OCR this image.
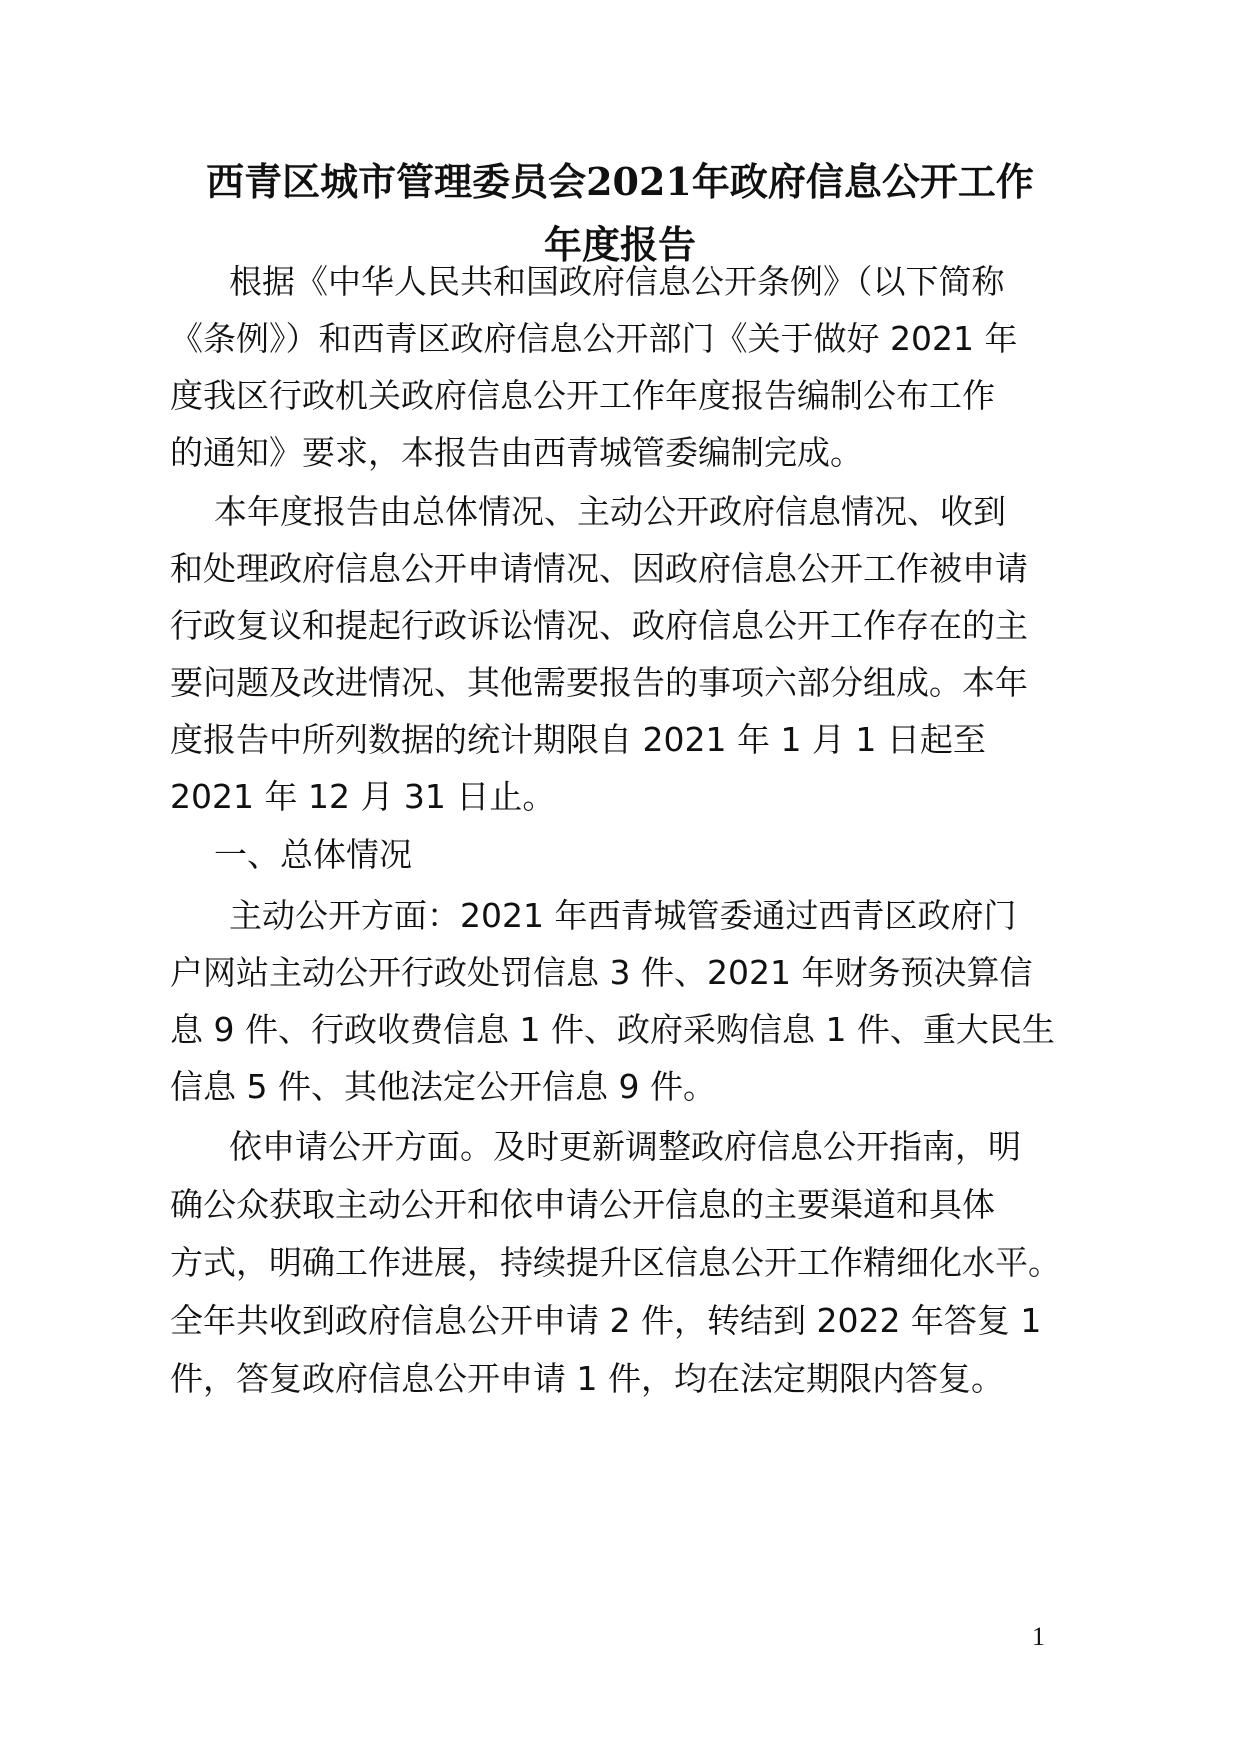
西青区城市管理委员会2021年政府信息公开工作
年度报告

根据《中华人民共和国政府信息公开条例》（以下简称

《条例》）和西青区政府信息公开部门《关于做好 2021 年

度我区行政机关政府信息公开工作年度报告编制公布工作

的通知》要求，本报告由西青城管委编制完成。

本年度报告由总体情况、主动公开政府信息情况、收到

和处理政府信息公开申请情况、因政府信息公开工作被申请

行政复议和提起行政诉讼情况、政府信息公开工作存在的主

要问题及改进情况、其他需要报告的事项六部分组成。本年

度报告中所列数据的统计期限自 2021 年 1 月 1 日起至

2021 年 12 月 31 日止。

一、总体情况

主动公开方面：2021 年西青城管委通过西青区政府门

户网站主动公开行政处罚信息 3 件、2021 年财务预决算信

息 9 件、行政收费信息 1 件、政府采购信息 1 件、重大民生

信息 5 件、其他法定公开信息 9 件。

依申请公开方面。及时更新调整政府信息公开指南，明

确公众获取主动公开和依申请公开信息的主要渠道和具体

方式，明确工作进展，持续提升区信息公开工作精细化水平。

全年共收到政府信息公开申请 2 件，转结到 2022 年答复 1

件，答复政府信息公开申请 1 件，均在法定期限内答复。

1
